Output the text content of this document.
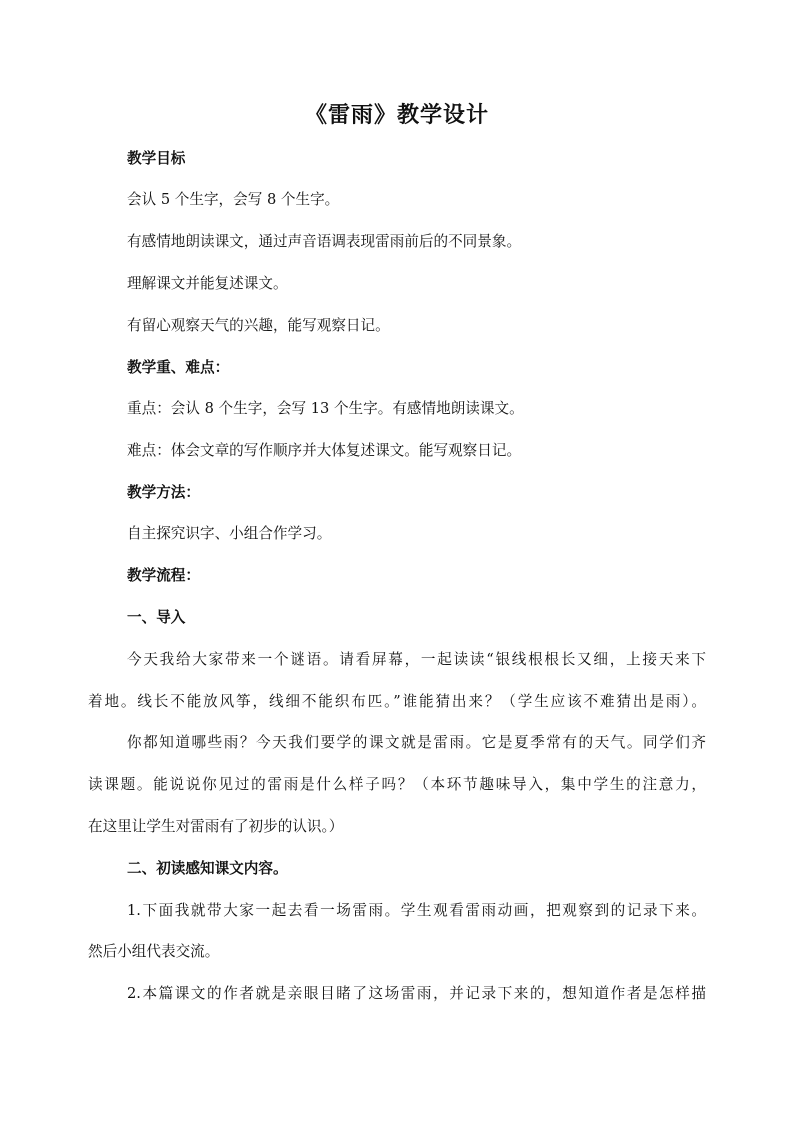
《雷雨》教学设计

教学目标

会认 5 个生字，会写 8 个生字。

有感情地朗读课文，通过声音语调表现雷雨前后的不同景象。

理解课文并能复述课文。

有留心观察天气的兴趣，能写观察日记。

教学重、难点：

重点：会认 8 个生字，会写 13 个生字。有感情地朗读课文。

难点：体会文章的写作顺序并大体复述课文。能写观察日记。

教学方法：

自主探究识字、小组合作学习。

教学流程：

一、导入

今天我给大家带来一个谜语。请看屏幕，一起读读“银线根根长又细，上接天来下

着地。线长不能放风筝，线细不能织布匹。”谁能猜出来？（学生应该不难猜出是雨）。

你都知道哪些雨？今天我们要学的课文就是雷雨。它是夏季常有的天气。同学们齐

读课题。能说说你见过的雷雨是什么样子吗？（本环节趣味导入，集中学生的注意力，

在这里让学生对雷雨有了初步的认识。）

二、初读感知课文内容。

1.下面我就带大家一起去看一场雷雨。学生观看雷雨动画，把观察到的记录下来。

然后小组代表交流。

2.本篇课文的作者就是亲眼目睹了这场雷雨，并记录下来的，想知道作者是怎样描
